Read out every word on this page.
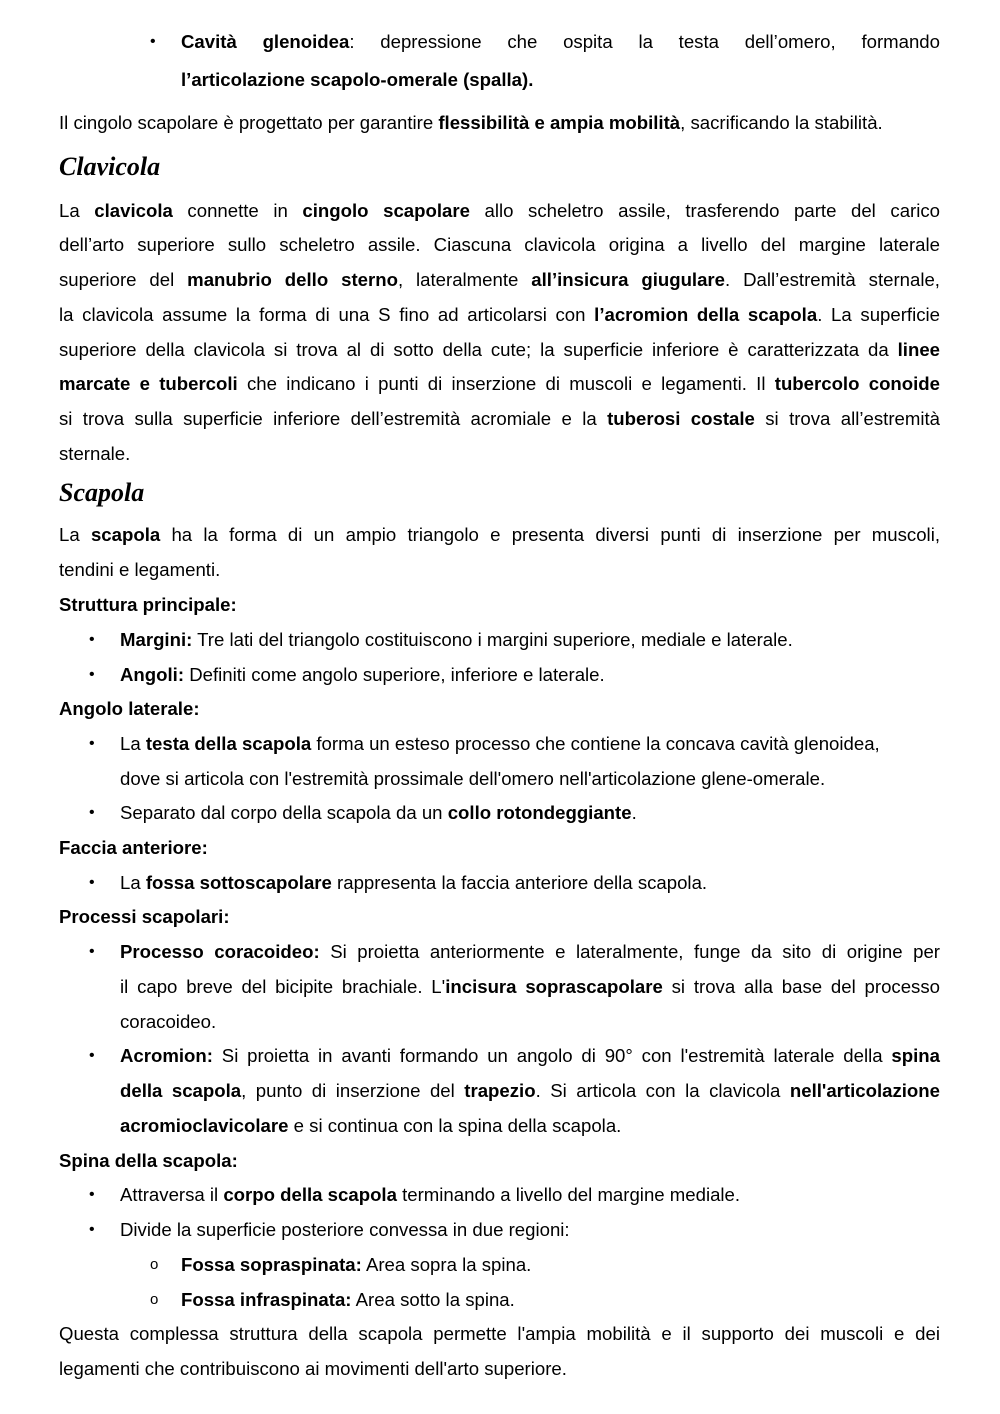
• Cavità glenoidea: depressione che ospita la testa dell’omero, formando
l’articolazione scapolo-omerale (spalla).
Il cingolo scapolare è progettato per garantire flessibilità e ampia mobilità, sacrificando la stabilità.
Clavicola
La clavicola connette in cingolo scapolare allo scheletro assile, trasferendo parte del carico
dell’arto superiore sullo scheletro assile. Ciascuna clavicola origina a livello del margine laterale
superiore del manubrio dello sterno, lateralmente all’insicura giugulare. Dall’estremità sternale,
la clavicola assume la forma di una S fino ad articolarsi con l’acromion della scapola. La superficie
superiore della clavicola si trova al di sotto della cute; la superficie inferiore è caratterizzata da linee
marcate e tubercoli che indicano i punti di inserzione di muscoli e legamenti. Il tubercolo conoide
si trova sulla superficie inferiore dell’estremità acromiale e la tuberosi costale si trova all’estremità
sternale.
Scapola
La scapola ha la forma di un ampio triangolo e presenta diversi punti di inserzione per muscoli,
tendini e legamenti.
Struttura principale:
• Margini: Tre lati del triangolo costituiscono i margini superiore, mediale e laterale.
• Angoli: Definiti come angolo superiore, inferiore e laterale.
Angolo laterale:
• La testa della scapola forma un esteso processo che contiene la concava cavità glenoidea,
dove si articola con l'estremità prossimale dell'omero nell'articolazione glene-omerale.
• Separato dal corpo della scapola da un collo rotondeggiante.
Faccia anteriore:
• La fossa sottoscapolare rappresenta la faccia anteriore della scapola.
Processi scapolari:
• Processo coracoideo: Si proietta anteriormente e lateralmente, funge da sito di origine per
il capo breve del bicipite brachiale. L'incisura soprascapolare si trova alla base del processo
coracoideo.
• Acromion: Si proietta in avanti formando un angolo di 90° con l'estremità laterale della spina
della scapola, punto di inserzione del trapezio. Si articola con la clavicola nell'articolazione
acromioclavicolare e si continua con la spina della scapola.
Spina della scapola:
• Attraversa il corpo della scapola terminando a livello del margine mediale.
• Divide la superficie posteriore convessa in due regioni:
o Fossa sopraspinata: Area sopra la spina.
o Fossa infraspinata: Area sotto la spina.
Questa complessa struttura della scapola permette l'ampia mobilità e il supporto dei muscoli e dei
legamenti che contribuiscono ai movimenti dell'arto superiore.
